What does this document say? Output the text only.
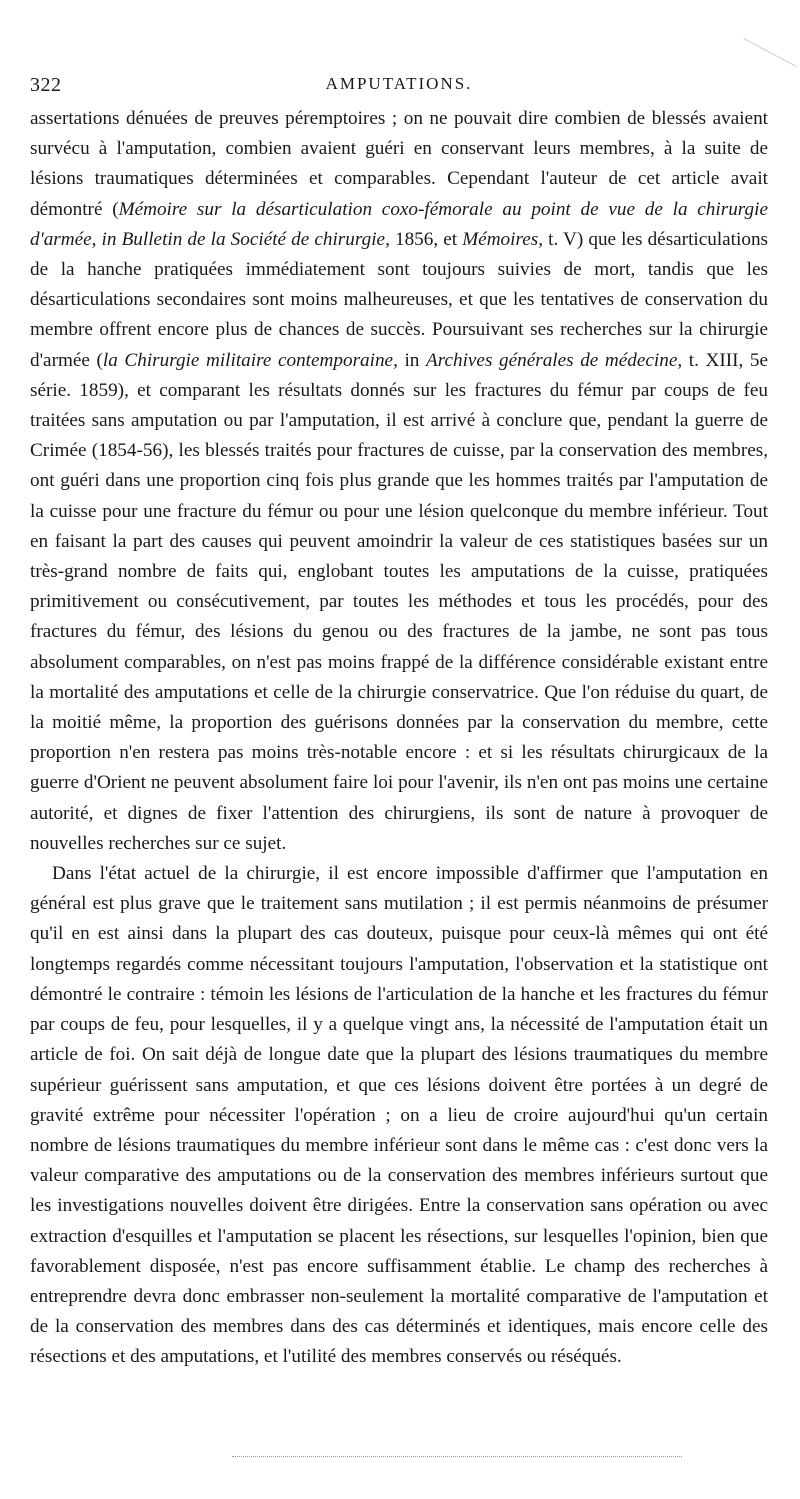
322	AMPUTATIONS.

assertations dénuées de preuves péremptoires ; on ne pouvait dire combien de blessés avaient survécu à l'amputation, combien avaient guéri en conservant leurs membres, à la suite de lésions traumatiques déterminées et comparables. Cependant l'auteur de cet article avait démontré (Mémoire sur la désarticulation coxo-fémorale au point de vue de la chirurgie d'armée, in Bulletin de la Société de chirurgie, 1856, et Mémoires, t. V) que les désarticulations de la hanche pratiquées immédiatement sont toujours suivies de mort, tandis que les désarticulations secondaires sont moins malheureuses, et que les tentatives de conservation du membre offrent encore plus de chances de succès. Poursuivant ses recherches sur la chirurgie d'armée (la Chirurgie militaire contemporaine, in Archives générales de médecine, t. XIII, 5e série. 1859), et comparant les résultats donnés sur les fractures du fémur par coups de feu traitées sans amputation ou par l'amputation, il est arrivé à conclure que, pendant la guerre de Crimée (1854-56), les blessés traités pour fractures de cuisse, par la conservation des membres, ont guéri dans une proportion cinq fois plus grande que les hommes traités par l'amputation de la cuisse pour une fracture du fémur ou pour une lésion quelconque du membre inférieur. Tout en faisant la part des causes qui peuvent amoindrir la valeur de ces statistiques basées sur un très-grand nombre de faits qui, englobant toutes les amputations de la cuisse, pratiquées primitivement ou consécutivement, par toutes les méthodes et tous les procédés, pour des fractures du fémur, des lésions du genou ou des fractures de la jambe, ne sont pas tous absolument comparables, on n'est pas moins frappé de la différence considérable existant entre la mortalité des amputations et celle de la chirurgie conservatrice. Que l'on réduise du quart, de la moitié même, la proportion des guérisons données par la conservation du membre, cette proportion n'en restera pas moins très-notable encore : et si les résultats chirurgicaux de la guerre d'Orient ne peuvent absolument faire loi pour l'avenir, ils n'en ont pas moins une certaine autorité, et dignes de fixer l'attention des chirurgiens, ils sont de nature à provoquer de nouvelles recherches sur ce sujet.

Dans l'état actuel de la chirurgie, il est encore impossible d'affirmer que l'amputation en général est plus grave que le traitement sans mutilation ; il est permis néanmoins de présumer qu'il en est ainsi dans la plupart des cas douteux, puisque pour ceux-là mêmes qui ont été longtemps regardés comme nécessitant toujours l'amputation, l'observation et la statistique ont démontré le contraire : témoin les lésions de l'articulation de la hanche et les fractures du fémur par coups de feu, pour lesquelles, il y a quelque vingt ans, la nécessité de l'amputation était un article de foi. On sait déjà de longue date que la plupart des lésions traumatiques du membre supérieur guérissent sans amputation, et que ces lésions doivent être portées à un degré de gravité extrême pour nécessiter l'opération ; on a lieu de croire aujourd'hui qu'un certain nombre de lésions traumatiques du membre inférieur sont dans le même cas : c'est donc vers la valeur comparative des amputations ou de la conservation des membres inférieurs surtout que les investigations nouvelles doivent être dirigées. Entre la conservation sans opération ou avec extraction d'esquilles et l'amputation se placent les résections, sur lesquelles l'opinion, bien que favorablement disposée, n'est pas encore suffisamment établie. Le champ des recherches à entreprendre devra donc embrasser non-seulement la mortalité comparative de l'amputation et de la conservation des membres dans des cas déterminés et identiques, mais encore celle des résections et des amputations, et l'utilité des membres conservés ou réséqués.
